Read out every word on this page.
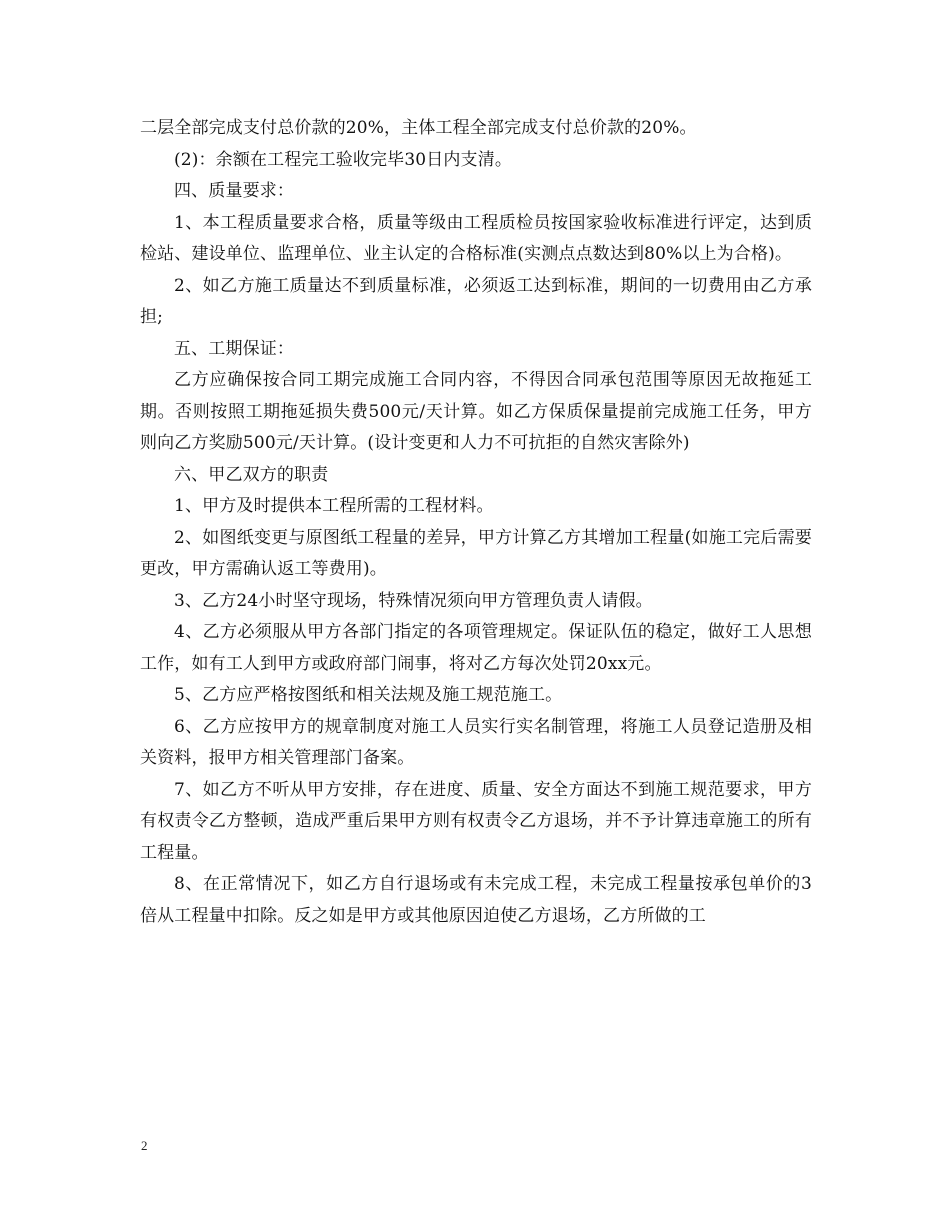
二层全部完成支付总价款的20%，主体工程全部完成支付总价款的20%。

(2)：余额在工程完工验收完毕30日内支清。

四、质量要求：

1、本工程质量要求合格，质量等级由工程质检员按国家验收标准进行评定，达到质检站、建设单位、监理单位、业主认定的合格标准(实测点点数达到80%以上为合格)。

2、如乙方施工质量达不到质量标准，必须返工达到标准，期间的一切费用由乙方承担;

五、工期保证：

乙方应确保按合同工期完成施工合同内容，不得因合同承包范围等原因无故拖延工期。否则按照工期拖延损失费500元/天计算。如乙方保质保量提前完成施工任务，甲方则向乙方奖励500元/天计算。(设计变更和人力不可抗拒的自然灾害除外)

六、甲乙双方的职责

1、甲方及时提供本工程所需的工程材料。

2、如图纸变更与原图纸工程量的差异，甲方计算乙方其增加工程量(如施工完后需要更改，甲方需确认返工等费用)。

3、乙方24小时坚守现场，特殊情况须向甲方管理负责人请假。

4、乙方必须服从甲方各部门指定的各项管理规定。保证队伍的稳定，做好工人思想工作，如有工人到甲方或政府部门闹事，将对乙方每次处罚20xx元。

5、乙方应严格按图纸和相关法规及施工规范施工。

6、乙方应按甲方的规章制度对施工人员实行实名制管理，将施工人员登记造册及相关资料，报甲方相关管理部门备案。

7、如乙方不听从甲方安排，存在进度、质量、安全方面达不到施工规范要求，甲方有权责令乙方整顿，造成严重后果甲方则有权责令乙方退场，并不予计算违章施工的所有工程量。

8、在正常情况下，如乙方自行退场或有未完成工程，未完成工程量按承包单价的3倍从工程量中扣除。反之如是甲方或其他原因迫使乙方退场，乙方所做的工

2
